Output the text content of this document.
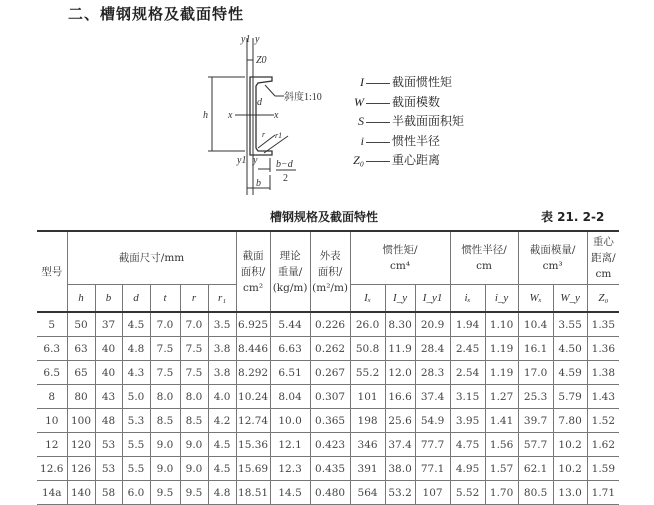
二、槽钢规格及截面特性
y1 y
Z0
h
d
x	x
斜度1:10
r r1
y1 y b−d
2
b
I 截面惯性矩
W 截面模数
S 半截面面积矩
i 惯性半径
Z₀ 重心距离
槽钢规格及截面特性	表 21. 2-2
型号	截面尺寸/mm						截面
面积/
cm²	理论
重量/
(kg/m)	外表
面积/
(m²/m)	惯性矩/
cm⁴			惯性半径/
cm		截面模量/
cm³		重心
距离/
cm
	h	b	d	t	r	r₁				Iₓ	I_y	I_y1	iₓ	i_y	Wₓ	W_y	Z₀
5	50	37	4.5	7.0	7.0	3.5	6.925	5.44	0.226	26.0	8.30	20.9	1.94	1.10	10.4	3.55	1.35
6.3	63	40	4.8	7.5	7.5	3.8	8.446	6.63	0.262	50.8	11.9	28.4	2.45	1.19	16.1	4.50	1.36
6.5	65	40	4.3	7.5	7.5	3.8	8.292	6.51	0.267	55.2	12.0	28.3	2.54	1.19	17.0	4.59	1.38
8	80	43	5.0	8.0	8.0	4.0	10.24	8.04	0.307	101	16.6	37.4	3.15	1.27	25.3	5.79	1.43
10	100	48	5.3	8.5	8.5	4.2	12.74	10.0	0.365	198	25.6	54.9	3.95	1.41	39.7	7.80	1.52
12	120	53	5.5	9.0	9.0	4.5	15.36	12.1	0.423	346	37.4	77.7	4.75	1.56	57.7	10.2	1.62
12.6	126	53	5.5	9.0	9.0	4.5	15.69	12.3	0.435	391	38.0	77.1	4.95	1.57	62.1	10.2	1.59
14a	140	58	6.0	9.5	9.5	4.8	18.51	14.5	0.480	564	53.2	107	5.52	1.70	80.5	13.0	1.71
